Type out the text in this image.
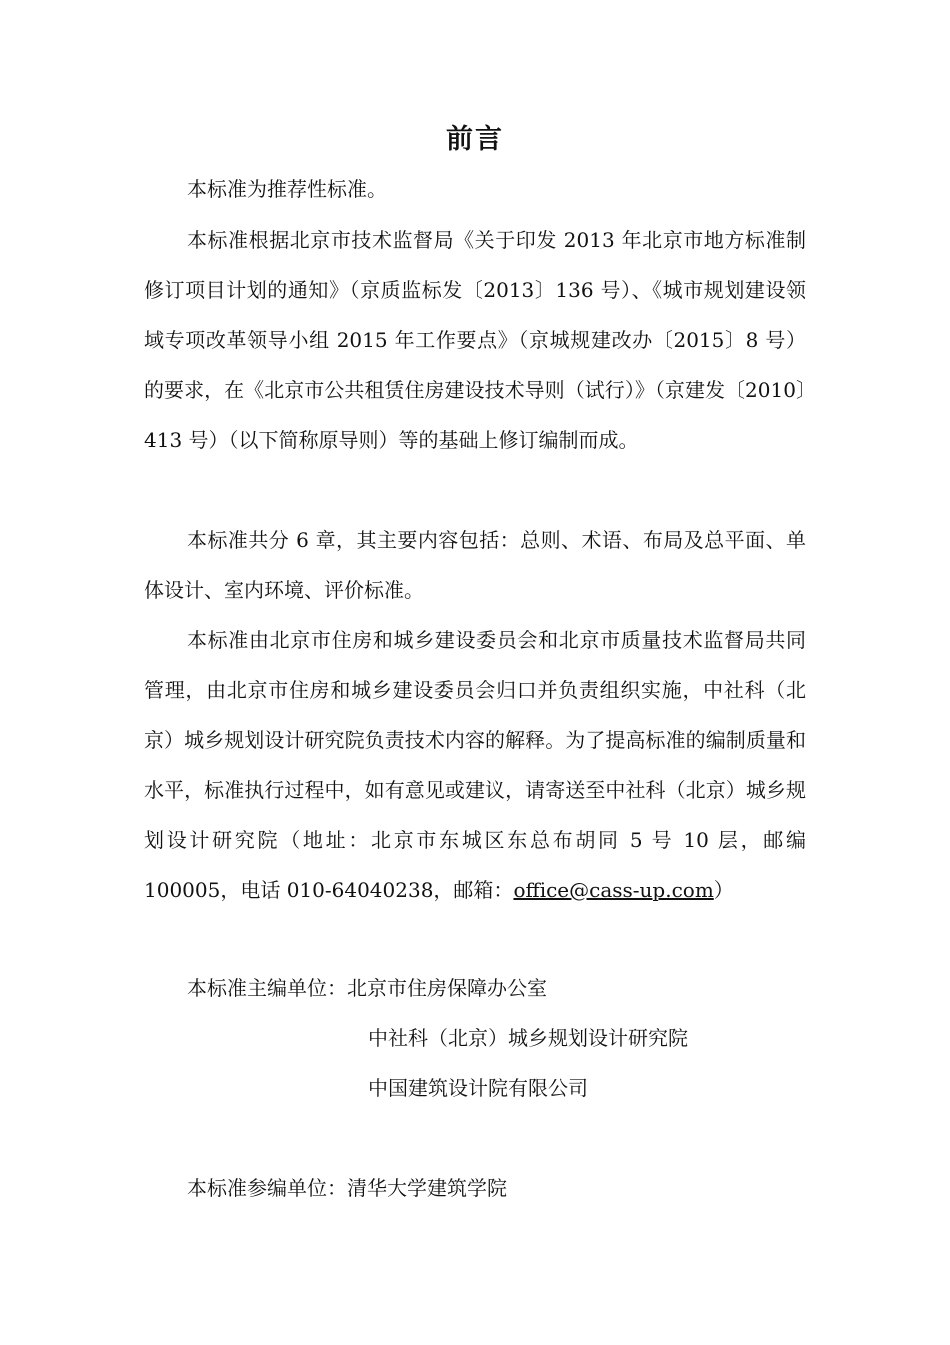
前言

本标准为推荐性标准。

本标准根据北京市技术监督局《关于印发 2013 年北京市地方标准制修订项目计划的通知》（京质监标发〔2013〕136 号）、《城市规划建设领域专项改革领导小组 2015 年工作要点》（京城规建改办〔2015〕8 号）的要求，在《北京市公共租赁住房建设技术导则（试行）》（京建发〔2010〕413 号）（以下简称原导则）等的基础上修订编制而成。

本标准共分 6 章，其主要内容包括：总则、术语、布局及总平面、单体设计、室内环境、评价标准。

本标准由北京市住房和城乡建设委员会和北京市质量技术监督局共同管理，由北京市住房和城乡建设委员会归口并负责组织实施，中社科（北京）城乡规划设计研究院负责技术内容的解释。为了提高标准的编制质量和水平，标准执行过程中，如有意见或建议，请寄送至中社科（北京）城乡规划设计研究院（地址：北京市东城区东总布胡同 5 号 10 层，邮编 100005，电话 010-64040238，邮箱：office@cass-up.com）

本标准主编单位：北京市住房保障办公室
中社科（北京）城乡规划设计研究院
中国建筑设计院有限公司
本标准参编单位：清华大学建筑学院
